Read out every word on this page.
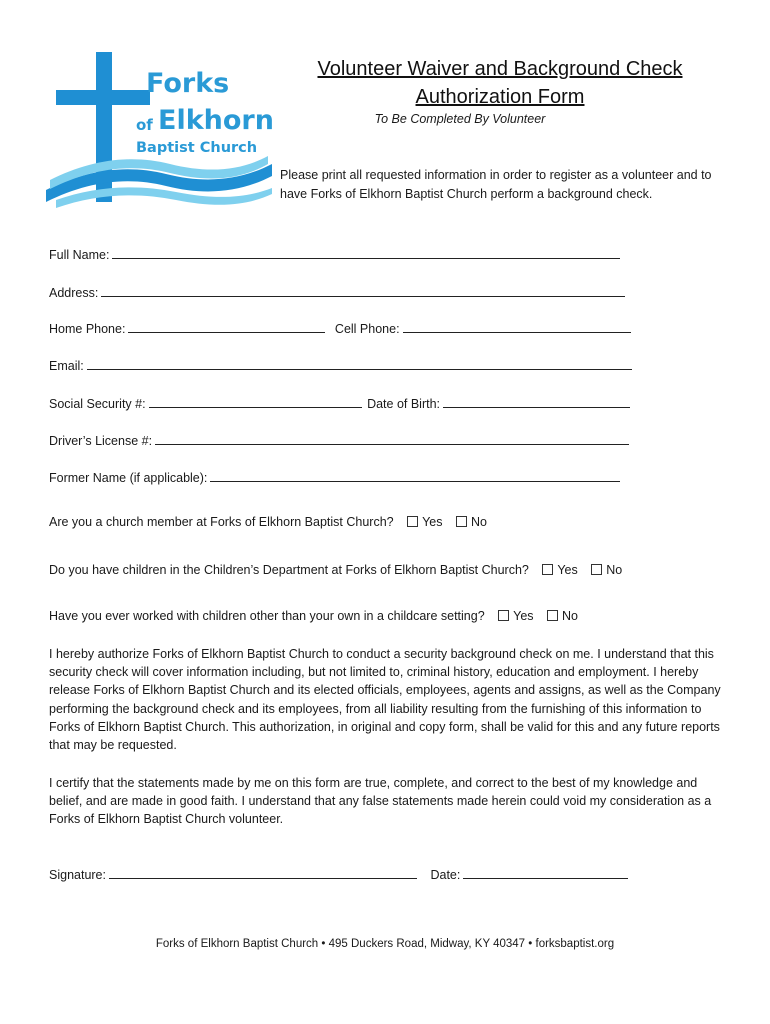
Forks
of Elkhorn
Baptist Church
Volunteer Waiver and Background Check
Authorization Form
To Be Completed By Volunteer
Please print all requested information in order to register as a volunteer and to have Forks of Elkhorn Baptist Church perform a background check.
Full Name:
Address:
Home Phone:	Cell Phone:
Email:
Social Security #:	Date of Birth:
Driver’s License #:
Former Name (if applicable):
Are you a church member at Forks of Elkhorn Baptist Church? Yes No
Do you have children in the Children’s Department at Forks of Elkhorn Baptist Church? Yes No
Have you ever worked with children other than your own in a childcare setting? Yes No
I hereby authorize Forks of Elkhorn Baptist Church to conduct a security background check on me. I understand that this security check will cover information including, but not limited to, criminal history, education and employment. I hereby release Forks of Elkhorn Baptist Church and its elected officials, employees, agents and assigns, as well as the Company performing the background check and its employees, from all liability resulting from the furnishing of this information to Forks of Elkhorn Baptist Church. This authorization, in original and copy form, shall be valid for this and any future reports that may be requested.
I certify that the statements made by me on this form are true, complete, and correct to the best of my knowledge and belief, and are made in good faith. I understand that any false statements made herein could void my consideration as a Forks of Elkhorn Baptist Church volunteer.
Signature:	Date:
Forks of Elkhorn Baptist Church • 495 Duckers Road, Midway, KY 40347 • forksbaptist.org
